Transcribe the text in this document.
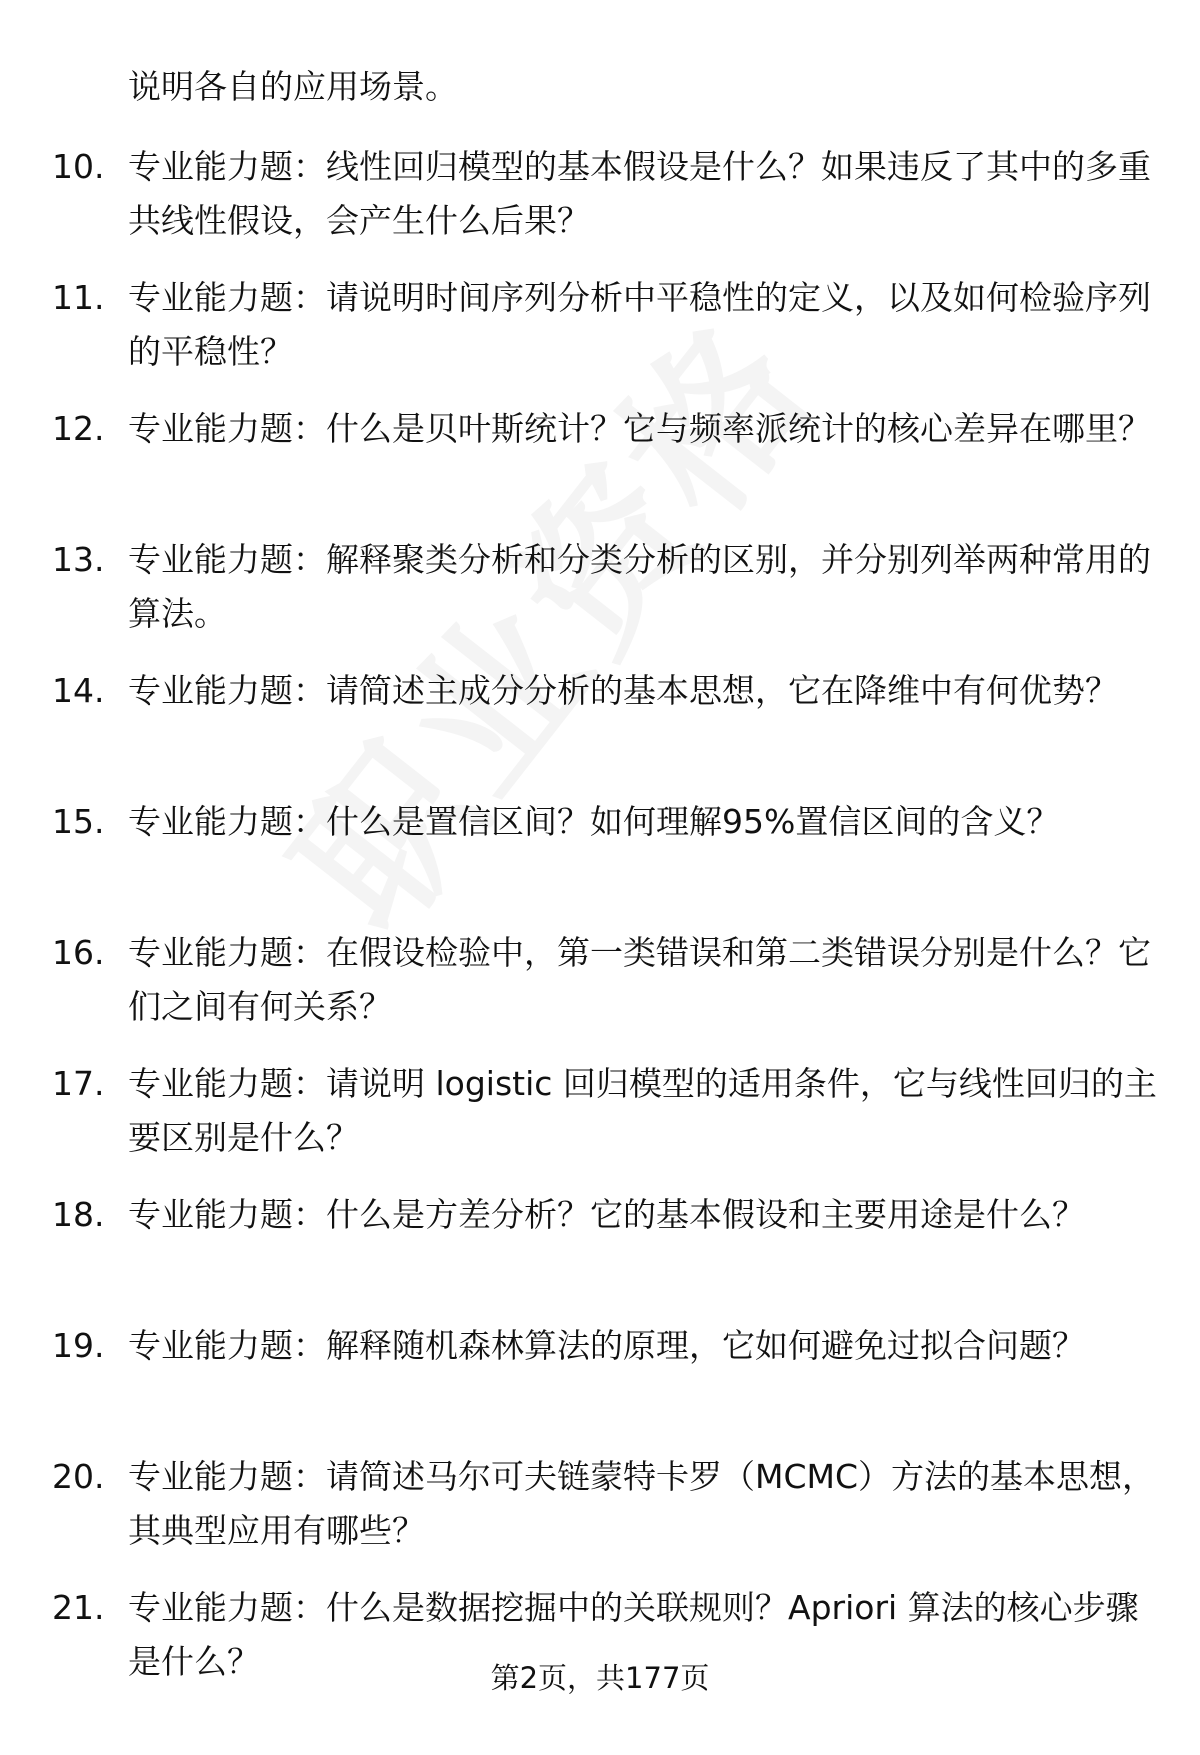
说明各自的应用场景。
10. 专业能力题：线性回归模型的基本假设是什么？如果违反了其中的多重共线性假设，会产生什么后果？
11. 专业能力题：请说明时间序列分析中平稳性的定义，以及如何检验序列的平稳性？
12. 专业能力题：什么是贝叶斯统计？它与频率派统计的核心差异在哪里？
13. 专业能力题：解释聚类分析和分类分析的区别，并分别列举两种常用的算法。
14. 专业能力题：请简述主成分分析的基本思想，它在降维中有何优势？
15. 专业能力题：什么是置信区间？如何理解95%置信区间的含义？
16. 专业能力题：在假设检验中，第一类错误和第二类错误分别是什么？它们之间有何关系？
17. 专业能力题：请说明 logistic 回归模型的适用条件，它与线性回归的主要区别是什么？
18. 专业能力题：什么是方差分析？它的基本假设和主要用途是什么？
19. 专业能力题：解释随机森林算法的原理，它如何避免过拟合问题？
20. 专业能力题：请简述马尔可夫链蒙特卡罗（MCMC）方法的基本思想，其典型应用有哪些？
21. 专业能力题：什么是数据挖掘中的关联规则？Apriori 算法的核心步骤是什么？	第2页，共177页
